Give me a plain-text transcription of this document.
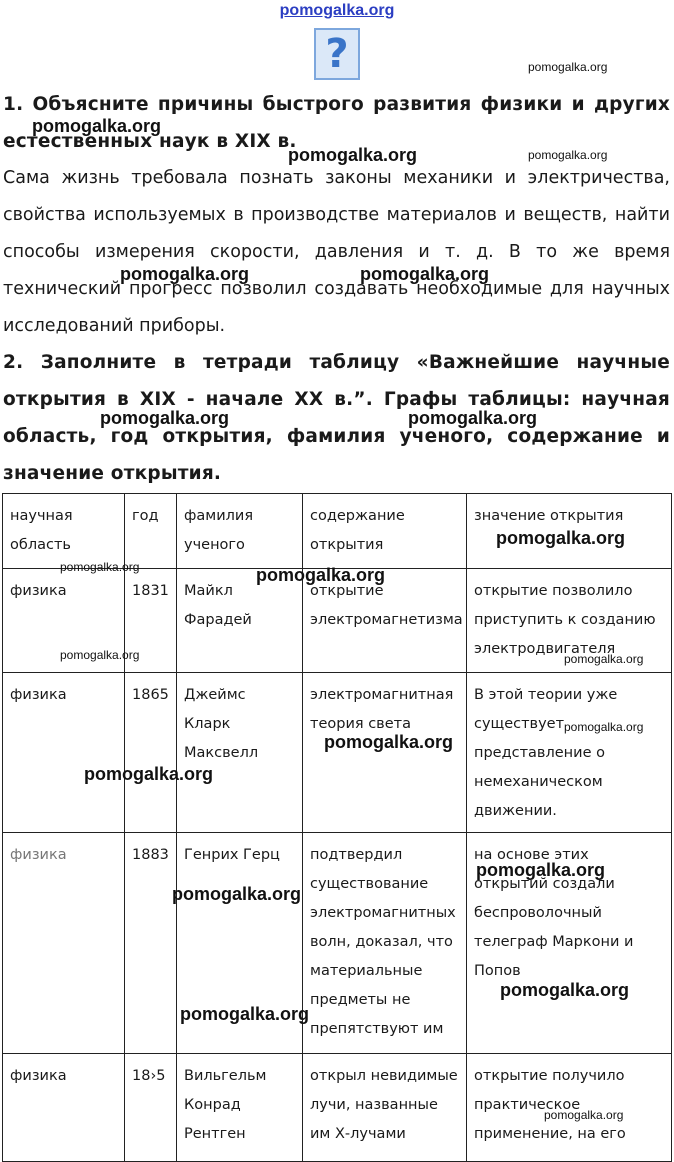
pomogalka.org
?
1. Объясните причины быстрого развития физики и других естественных наук в XIX в.
Сама жизнь требовала познать законы механики и электричества, свойства используемых в производстве материалов и веществ, найти способы измерения скорости, давления и т. д. В то же время технический прогресс позволил создавать необходимые для научных исследований приборы.
2. Заполните в тетради таблицу «Важнейшие научные открытия в XIX - начале XX в.”. Графы таблицы: научная область, год открытия, фамилия ученого, содержание и значение открытия.
научная область	год	фамилия ученого	содержание открытия	значение открытия
физика	1831	Майкл Фарадей	открытие электромагнетизма	открытие позволило приступить к созданию электродвигателя
физика	1865	Джеймс Кларк Максвелл	электромагнитная теория света	В этой теории уже существует представление о немеханическом движении.
физика	1883	Генрих Герц	подтвердил существование электромагнитных волн, доказал, что материальные предметы не препятствуют им	на основе этих открытий создали беспроволочный телеграф Маркони и Попов
физика	18›5	Вильгельм Конрад Рентген	открыл невидимые лучи, названные им Х-лучами	открытие получило практическое применение, на его
pomogalka.org
pomogalka.org
pomogalka.org	pomogalka.org
pomogalka.org	pomogalka.org
pomogalka.org	pomogalka.org
pomogalka.org
pomogalka.org	pomogalka.org
pomogalka.org	pomogalka.org
pomogalka.org
pomogalka.org
pomogalka.org
pomogalka.org
pomogalka.org
pomogalka.org
pomogalka.org
pomogalka.org
